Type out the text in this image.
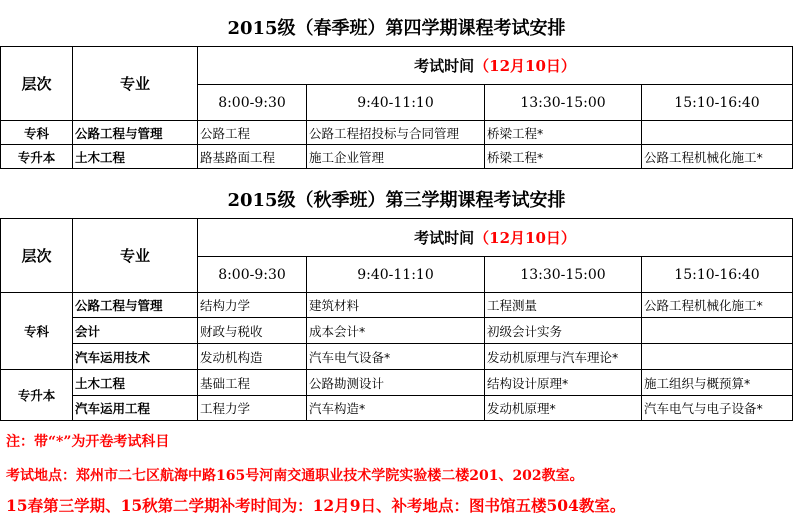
2015级（春季班）第四学期课程考试安排
层次	专业	考试时间（12月10日）			
		8:00-9:30	9:40-11:10	13:30-15:00	15:10-16:40
专科	公路工程与管理	公路工程	公路工程招投标与合同管理	桥梁工程*	
专升本	土木工程	路基路面工程	施工企业管理	桥梁工程*	公路工程机械化施工*
2015级（秋季班）第三学期课程考试安排
层次	专业	考试时间（12月10日）			
		8:00-9:30	9:40-11:10	13:30-15:00	15:10-16:40
专科	公路工程与管理	结构力学	建筑材料	工程测量	公路工程机械化施工*
	会计	财政与税收	成本会计*	初级会计实务	
	汽车运用技术	发动机构造	汽车电气设备*	发动机原理与汽车理论*	
专升本	土木工程	基础工程	公路勘测设计	结构设计原理*	施工组织与概预算*
	汽车运用工程	工程力学	汽车构造*	发动机原理*	汽车电气与电子设备*
注：带“*”为开卷考试科目
考试地点：郑州市二七区航海中路165号河南交通职业技术学院实验楼二楼201、202教室。
15春第三学期、15秋第二学期补考时间为：12月9日、补考地点：图书馆五楼504教室。
